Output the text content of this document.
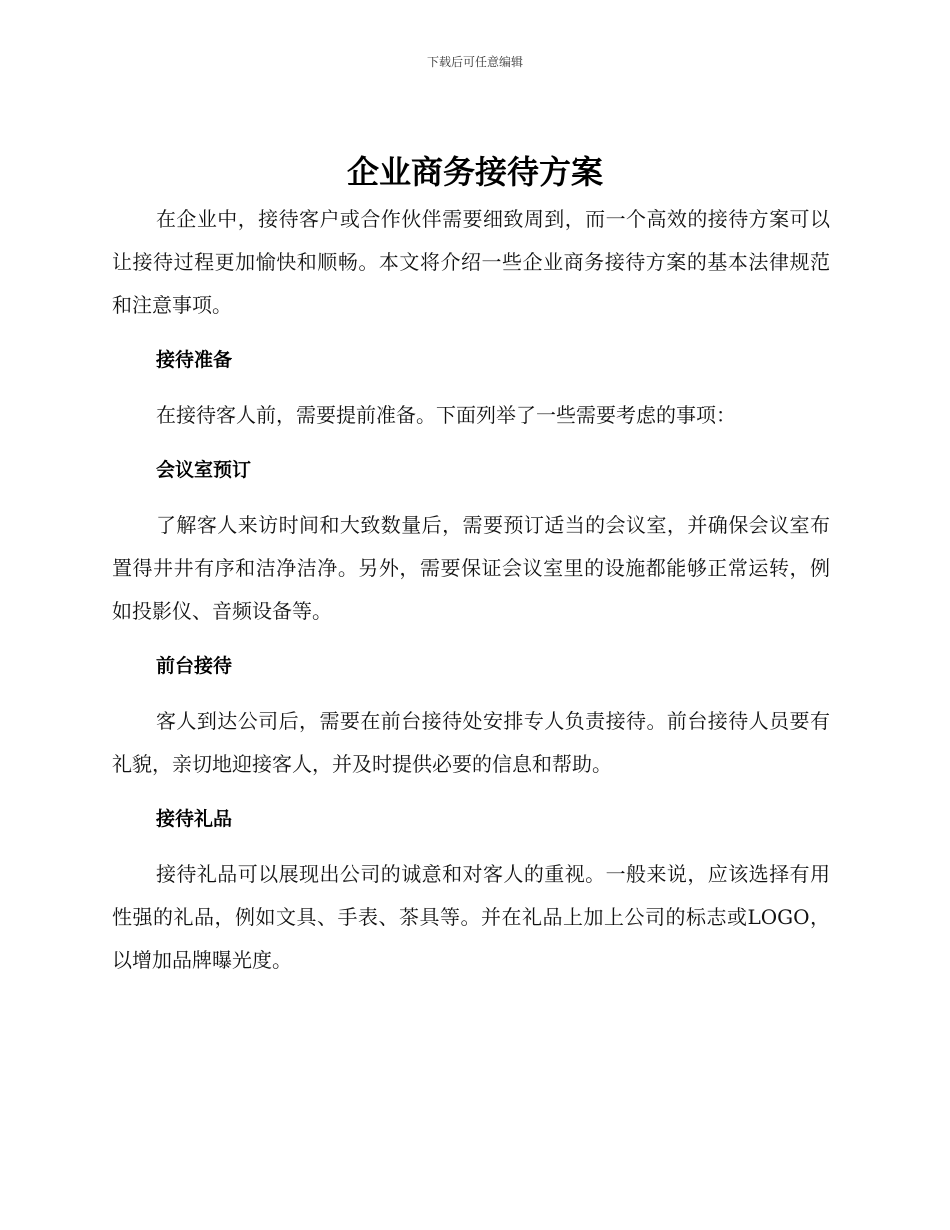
下载后可任意编辑
企业商务接待方案

在企业中，接待客户或合作伙伴需要细致周到，而一个高效的接待方案可以让接待过程更加愉快和顺畅。本文将介绍一些企业商务接待方案的基本法律规范和注意事项。

接待准备

在接待客人前，需要提前准备。下面列举了一些需要考虑的事项：

会议室预订

了解客人来访时间和大致数量后，需要预订适当的会议室，并确保会议室布置得井井有序和洁净洁净。另外，需要保证会议室里的设施都能够正常运转，例如投影仪、音频设备等。

前台接待

客人到达公司后，需要在前台接待处安排专人负责接待。前台接待人员要有礼貌，亲切地迎接客人，并及时提供必要的信息和帮助。

接待礼品

接待礼品可以展现出公司的诚意和对客人的重视。一般来说，应该选择有用性强的礼品，例如文具、手表、茶具等。并在礼品上加上公司的标志或LOGO，以增加品牌曝光度。
